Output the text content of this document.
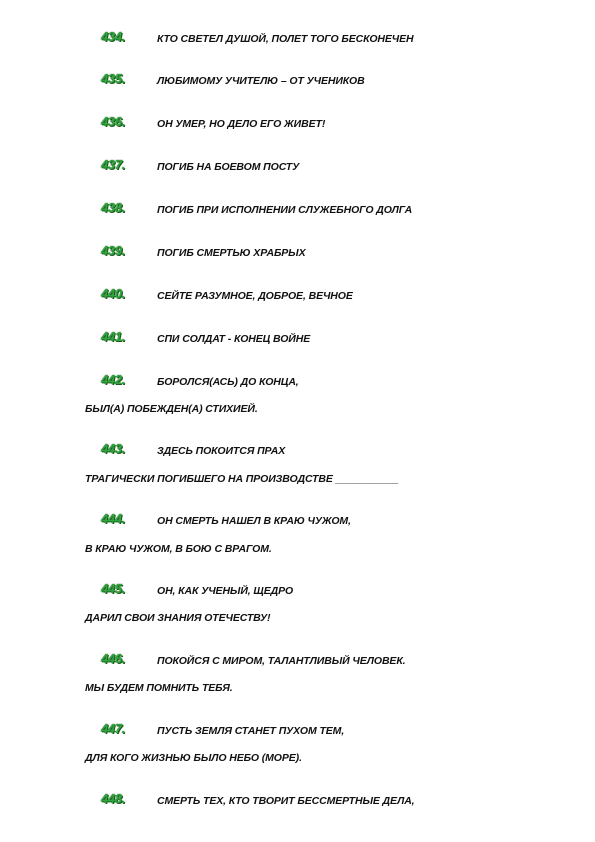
434.	КТО СВЕТЕЛ ДУШОЙ, ПОЛЕТ ТОГО БЕСКОНЕЧЕН
435.	ЛЮБИМОМУ УЧИТЕЛЮ – ОТ УЧЕНИКОВ
436.	ОН УМЕР, НО ДЕЛО ЕГО ЖИВЕТ!
437.	ПОГИБ НА БОЕВОМ ПОСТУ
438.	ПОГИБ ПРИ ИСПОЛНЕНИИ СЛУЖЕБНОГО ДОЛГА
439.	ПОГИБ СМЕРТЬЮ ХРАБРЫХ
440.	СЕЙТЕ РАЗУМНОЕ, ДОБРОЕ, ВЕЧНОЕ
441.	СПИ СОЛДАТ - КОНЕЦ ВОЙНЕ
442.	БОРОЛСЯ(АСЬ) ДО КОНЦА,
БЫЛ(А) ПОБЕЖДЕН(А) СТИХИЕЙ.
443.	ЗДЕСЬ ПОКОИТСЯ ПРАХ
ТРАГИЧЕСКИ ПОГИБШЕГО НА ПРОИЗВОДСТВЕ ___________
444.	ОН СМЕРТЬ НАШЕЛ В КРАЮ ЧУЖОМ,
В КРАЮ ЧУЖОМ, В БОЮ С ВРАГОМ.
445.	ОН, КАК УЧЕНЫЙ, ЩЕДРО
ДАРИЛ СВОИ ЗНАНИЯ ОТЕЧЕСТВУ!
446.	ПОКОЙСЯ С МИРОМ, ТАЛАНТЛИВЫЙ ЧЕЛОВЕК.
МЫ БУДЕМ ПОМНИТЬ ТЕБЯ.
447.	ПУСТЬ ЗЕМЛЯ СТАНЕТ ПУХОМ ТЕМ,
ДЛЯ КОГО ЖИЗНЬЮ БЫЛО НЕБО (МОРЕ).
448.	СМЕРТЬ ТЕХ, КТО ТВОРИТ БЕССМЕРТНЫЕ ДЕЛА,
